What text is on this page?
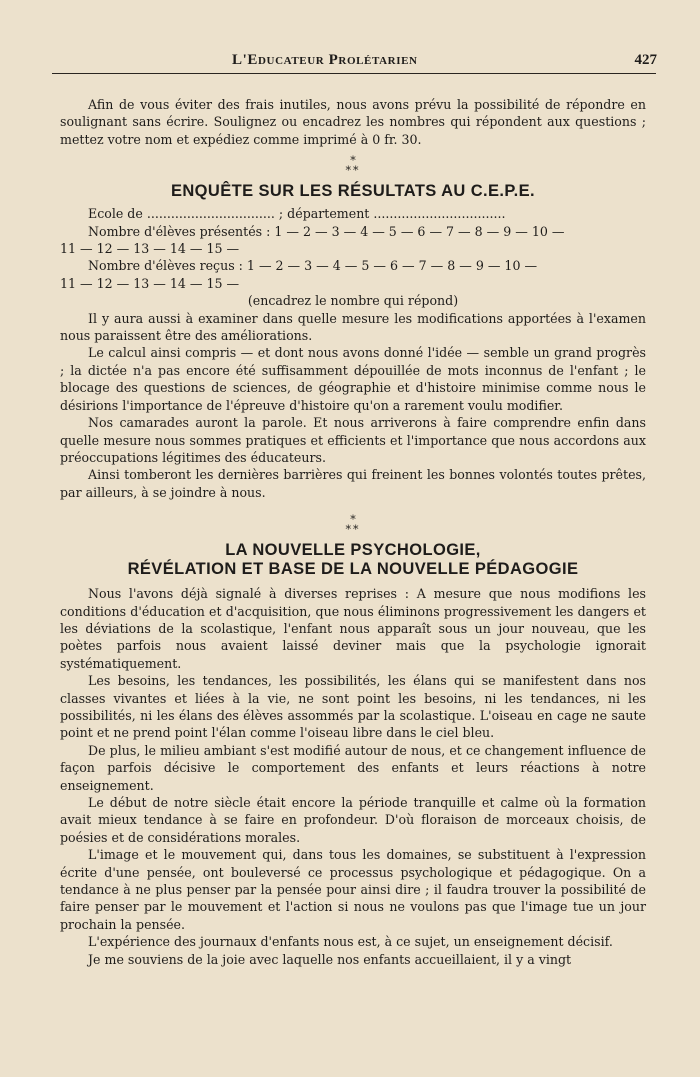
L'Educateur Prolétarien	427

Afin de vous éviter des frais inutiles, nous avons prévu la possibilité de répondre en soulignant sans écrire. Soulignez ou encadrez les nombres qui répondent aux questions ; mettez votre nom et expédiez comme imprimé à 0 fr. 30.

*
**
ENQUÊTE SUR LES RÉSULTATS AU C.E.P.E.

Ecole de ................................ ; département .................................

Nombre d'élèves présentés : 1 — 2 — 3 — 4 — 5 — 6 — 7 — 8 — 9 — 10 —

11 — 12 — 13 — 14 — 15 —

Nombre d'élèves reçus : 1 — 2 — 3 — 4 — 5 — 6 — 7 — 8 — 9 — 10 —

11 — 12 — 13 — 14 — 15 —

(encadrez le nombre qui répond)

Il y aura aussi à examiner dans quelle mesure les modifications apportées à l'examen nous paraissent être des améliorations.

Le calcul ainsi compris — et dont nous avons donné l'idée — semble un grand progrès ; la dictée n'a pas encore été suffisamment dépouillée de mots inconnus de l'enfant ; le blocage des questions de sciences, de géographie et d'histoire minimise comme nous le désirions l'importance de l'épreuve d'histoire qu'on a rarement voulu modifier.

Nos camarades auront la parole. Et nous arriverons à faire comprendre enfin dans quelle mesure nous sommes pratiques et efficients et l'importance que nous accordons aux préoccupations légitimes des éducateurs.

Ainsi tomberont les dernières barrières qui freinent les bonnes volontés toutes prêtes, par ailleurs, à se joindre à nous.

*
**
LA NOUVELLE PSYCHOLOGIE,
RÉVÉLATION ET BASE DE LA NOUVELLE PÉDAGOGIE

Nous l'avons déjà signalé à diverses reprises : A mesure que nous modifions les conditions d'éducation et d'acquisition, que nous éliminons progressivement les dangers et les déviations de la scolastique, l'enfant nous apparaît sous un jour nouveau, que les poètes parfois nous avaient laissé deviner mais que la psychologie ignorait systématiquement.

Les besoins, les tendances, les possibilités, les élans qui se manifestent dans nos classes vivantes et liées à la vie, ne sont point les besoins, ni les tendances, ni les possibilités, ni les élans des élèves assommés par la scolastique. L'oiseau en cage ne saute point et ne prend point l'élan comme l'oiseau libre dans le ciel bleu.

De plus, le milieu ambiant s'est modifié autour de nous, et ce changement influence de façon parfois décisive le comportement des enfants et leurs réactions à notre enseignement.

Le début de notre siècle était encore la période tranquille et calme où la formation avait mieux tendance à se faire en profondeur. D'où floraison de morceaux choisis, de poésies et de considérations morales.

L'image et le mouvement qui, dans tous les domaines, se substituent à l'expression écrite d'une pensée, ont bouleversé ce processus psychologique et pédagogique. On a tendance à ne plus penser par la pensée pour ainsi dire ; il faudra trouver la possibilité de faire penser par le mouvement et l'action si nous ne voulons pas que l'image tue un jour prochain la pensée.

L'expérience des journaux d'enfants nous est, à ce sujet, un enseignement décisif.

Je me souviens de la joie avec laquelle nos enfants accueillaient, il y a vingt
